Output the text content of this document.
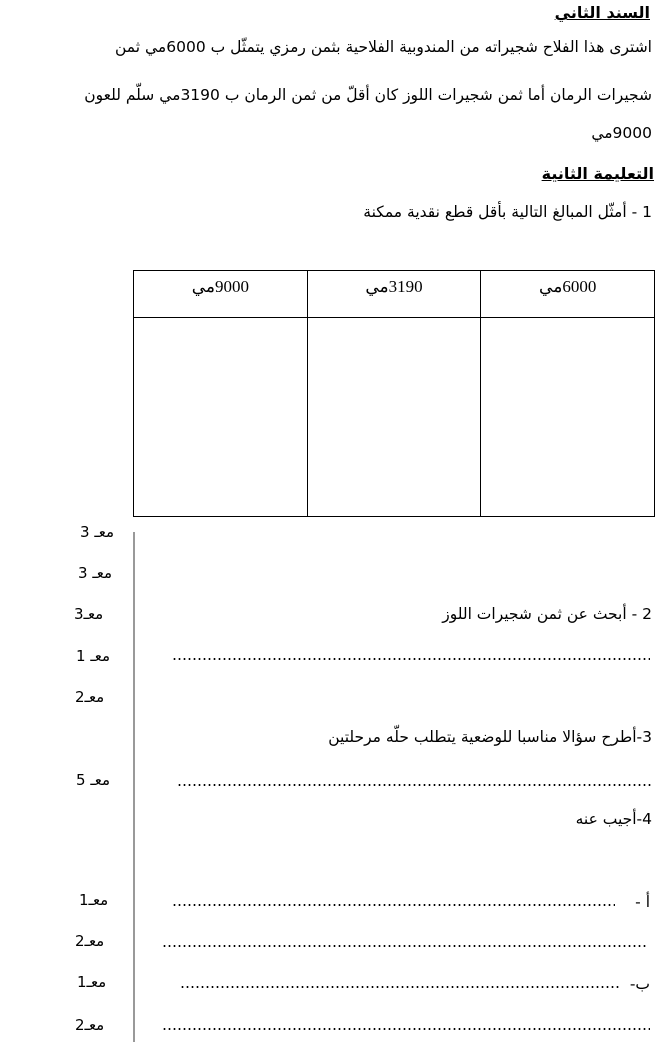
السند الثاني
اشترى هذا الفلاح شجيراته من المندوبية الفلاحية بثمن رمزي يتمثّل ب 6000مي ثمن
شجيرات الرمان أما ثمن شجيرات اللوز كان أقلّ من ثمن الرمان ب 3190مي سلّم للعون
9000مي
التعليمة الثانية
1 - أمثّل المبالغ التالية بأقل قطع نقدية ممكنة
6000مي	3190مي	9000مي

معـ 3
معـ 3
معـ3
معـ 1
معـ2
معـ 5
معـ1
معـ2
معـ1
معـ2
2 - أبحث عن ثمن شجيرات اللوز
3-أطرح سؤالا مناسبا للوضعية يتطلب حلّه مرحلتين
4-أجيب عنه
أ -
ب-
